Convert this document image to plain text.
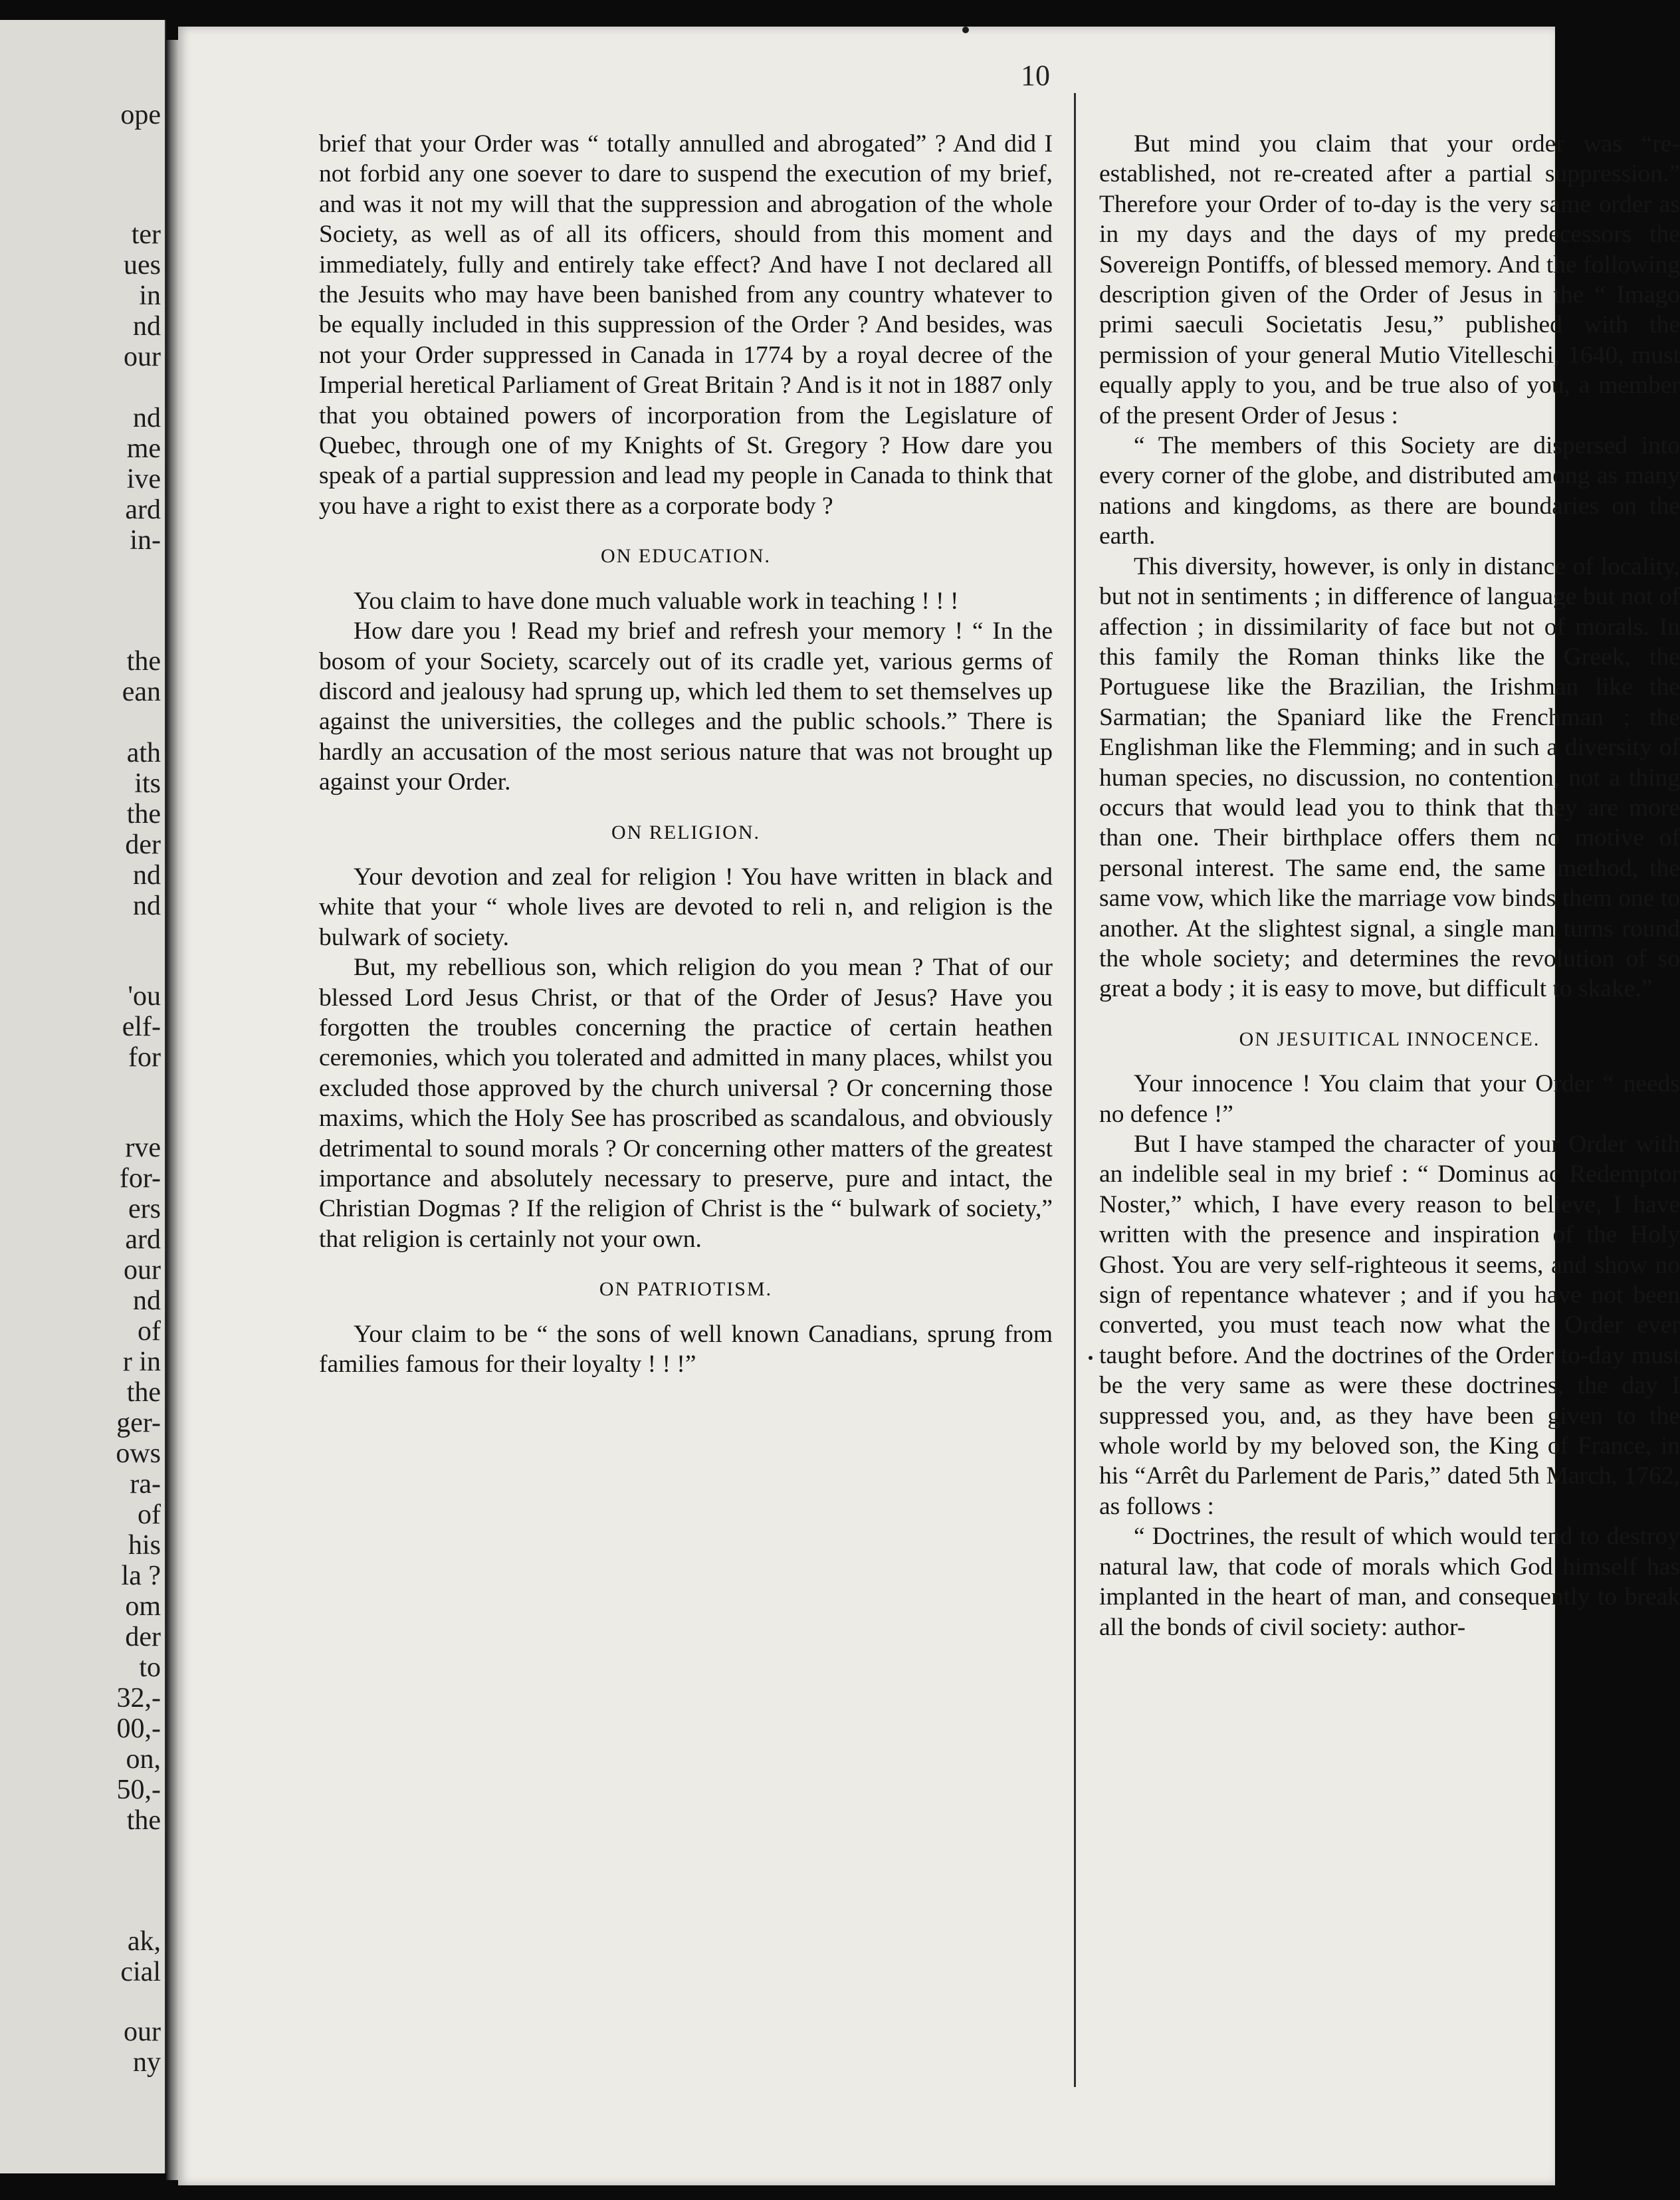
ope
ter
ues
in
nd
our
nd
me
ive
ard
in-
the
ean
ath
its
the
der
nd
nd
'ou
elf-
for
rve
for-
ers
ard
our
nd
of
r in
the
ger-
ows
ra-
of
his
la ?
om
der
to
32,-
00,-
on,
50,-
the
ak,
cial
our
ny
10

brief that your Order was “ totally annulled and abrogated” ? And did I not forbid any one soever to dare to suspend the execution of my brief, and was it not my will that the suppression and abrogation of the whole Society, as well as of all its officers, should from this moment and immediately, fully and entirely take effect? And have I not declared all the Jesuits who may have been banished from any country whatever to be equally included in this suppression of the Order ? And besides, was not your Order suppressed in Canada in 1774 by a royal decree of the Imperial heretical Parliament of Great Britain ? And is it not in 1887 only that you obtained powers of incorporation from the Legislature of Quebec, through one of my Knights of St. Gregory ? How dare you speak of a partial suppression and lead my people in Canada to think that you have a right to exist there as a corporate body ?

ON EDUCATION.

You claim to have done much valuable work in teaching ! ! !

How dare you ! Read my brief and refresh your memory ! “ In the bosom of your Society, scarcely out of its cradle yet, various germs of discord and jealousy had sprung up, which led them to set themselves up against the universities, the colleges and the public schools.” There is hardly an accusation of the most serious nature that was not brought up against your Order.

ON RELIGION.

Your devotion and zeal for religion ! You have written in black and white that your “ whole lives are devoted to reli n, and religion is the bulwark of society.

But, my rebellious son, which religion do you mean ? That of our blessed Lord Jesus Christ, or that of the Order of Jesus? Have you forgotten the troubles concerning the practice of certain heathen ceremonies, which you tolerated and admitted in many places, whilst you excluded those approved by the church universal ? Or concerning those maxims, which the Holy See has proscribed as scandalous, and obviously detrimental to sound morals ? Or concerning other matters of the greatest importance and absolutely necessary to preserve, pure and intact, the Christian Dogmas ? If the religion of Christ is the “ bulwark of society,” that religion is certainly not your own.

ON PATRIOTISM.

Your claim to be “ the sons of well known Canadians, sprung from families famous for their loyalty ! ! !”

But mind you claim that your order was “re-established, not re-created after a partial suppression.” Therefore your Order of to-day is the very same order as in my days and the days of my predecessors the Sovereign Pontiffs, of blessed memory. And the following description given of the Order of Jesus in the “ Imago primi saeculi Societatis Jesu,” published with the permission of your general Mutio Vitelleschi, 1640, must equally apply to you, and be true also of you, a member of the present Order of Jesus :

“ The members of this Society are dispersed into every corner of the globe, and distributed among as many nations and kingdoms, as there are boundaries on the earth.

This diversity, however, is only in distance of locality, but not in sentiments ; in difference of language but not of affection ; in dissimilarity of face but not of morals. In this family the Roman thinks like the Greek, the Portuguese like the Brazilian, the Irishman like the Sarmatian; the Spaniard like the Frenchman ; the Englishman like the Flemming; and in such a diversity of human species, no discussion, no contention, not a thing occurs that would lead you to think that they are more than one. Their birthplace offers them no motive of personal interest. The same end, the same method, the same vow, which like the marriage vow binds them one to another. At the slightest signal, a single man turns round the whole society; and determines the revolution of so great a body ; it is easy to move, but difficult to skake.”

ON JESUITICAL INNOCENCE.

Your innocence ! You claim that your Order “ needs no defence !”

But I have stamped the character of your Order with an indelible seal in my brief : “ Dominus ac Redemptor Noster,” which, I have every reason to believe, I have written with the presence and inspiration of the Holy Ghost. You are very self-righteous it seems, and show no sign of repentance whatever ; and if you have not been converted, you must teach now what the Order ever taught before. And the doctrines of the Order to-day must be the very same as were these doctrines, the day I suppressed you, and, as they have been given to the whole world by my beloved son, the King of France, in his “Arrêt du Parlement de Paris,” dated 5th March, 1762, as follows :

“ Doctrines, the result of which would tend to destroy natural law, that code of morals which God himself has implanted in the heart of man, and consequently to break all the bonds of civil society: author-
